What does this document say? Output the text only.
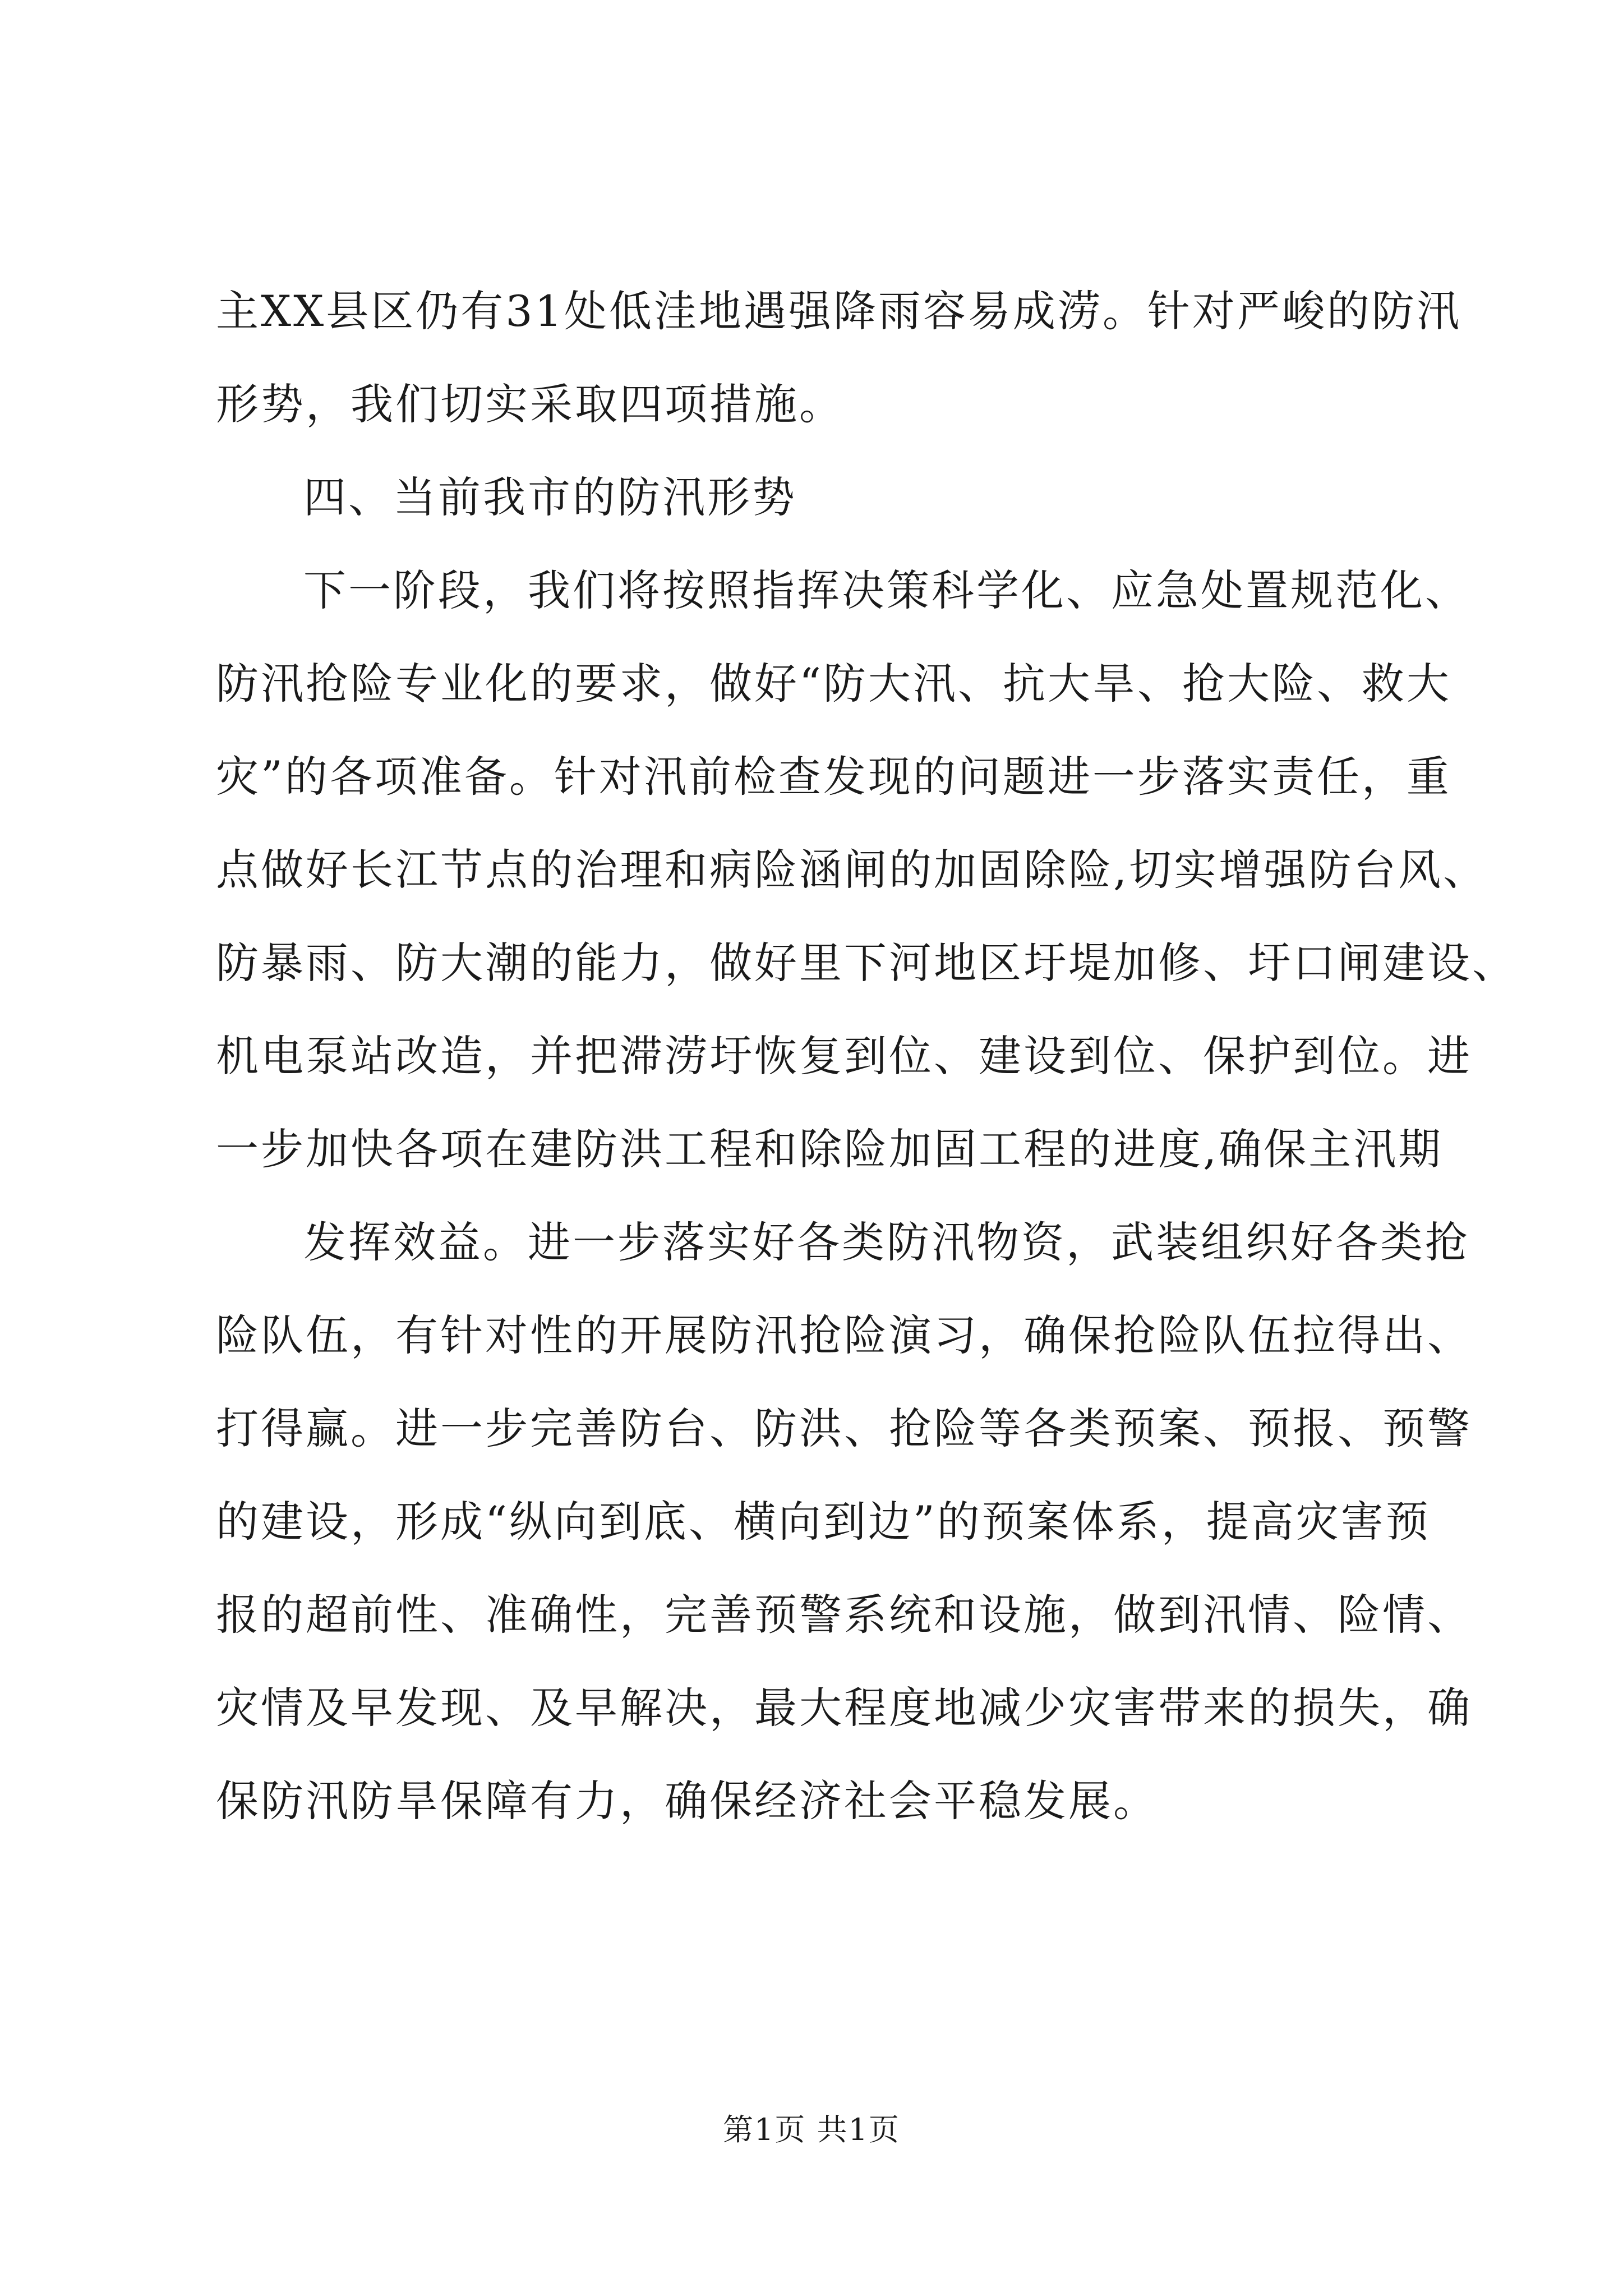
主XX县区仍有31处低洼地遇强降雨容易成涝。针对严峻的防汛
形势，我们切实采取四项措施。
四、当前我市的防汛形势
下一阶段，我们将按照指挥决策科学化、应急处置规范化、
防汛抢险专业化的要求，做好“防大汛、抗大旱、抢大险、救大
灾”的各项准备。针对汛前检查发现的问题进一步落实责任，重
点做好长江节点的治理和病险涵闸的加固除险,切实增强防台风、
防暴雨、防大潮的能力，做好里下河地区圩堤加修、圩口闸建设、
机电泵站改造，并把滞涝圩恢复到位、建设到位、保护到位。进
一步加快各项在建防洪工程和除险加固工程的进度,确保主汛期
发挥效益。进一步落实好各类防汛物资，武装组织好各类抢
险队伍，有针对性的开展防汛抢险演习，确保抢险队伍拉得出、
打得赢。进一步完善防台、防洪、抢险等各类预案、预报、预警
的建设，形成“纵向到底、横向到边”的预案体系，提高灾害预
报的超前性、准确性，完善预警系统和设施，做到汛情、险情、
灾情及早发现、及早解决，最大程度地减少灾害带来的损失，确
保防汛防旱保障有力，确保经济社会平稳发展。
第1页 共1页
